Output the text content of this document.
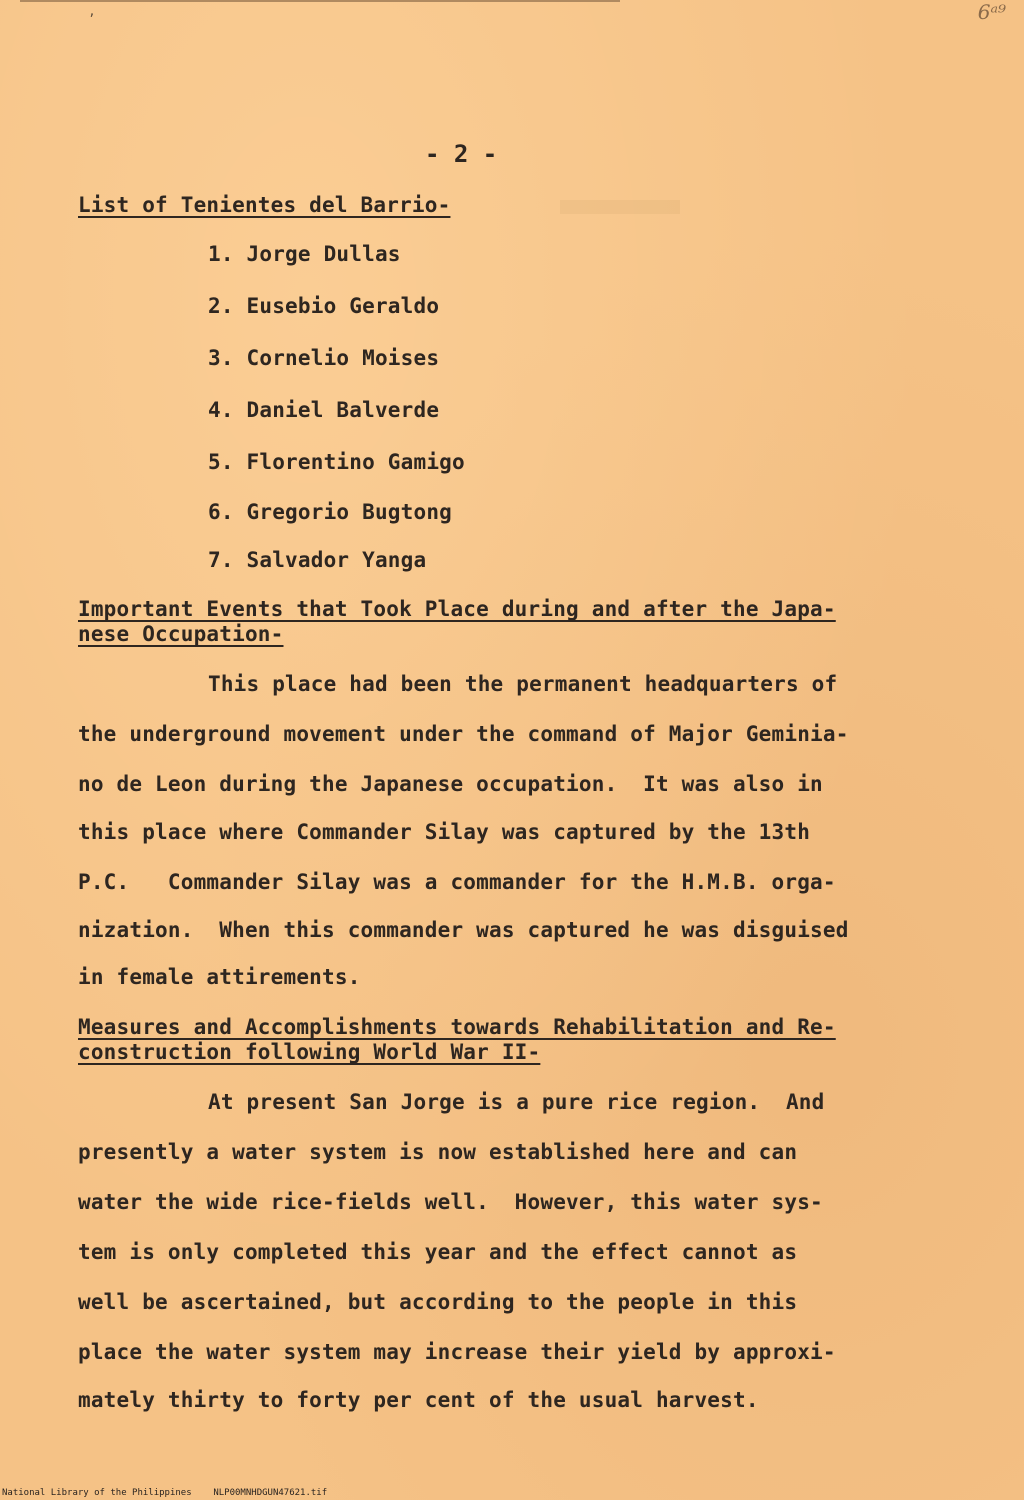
ʼ	6ᵃ⁹
- 2 -
List of Tenientes del Barrio-
1. Jorge Dullas
2. Eusebio Geraldo
3. Cornelio Moises
4. Daniel Balverde
5. Florentino Gamigo
6. Gregorio Bugtong
7. Salvador Yanga
Important Events that Took Place during and after the Japa-
nese Occupation-
This place had been the permanent headquarters of
the underground movement under the command of Major Geminia-
no de Leon during the Japanese occupation.  It was also in
this place where Commander Silay was captured by the 13th
P.C.   Commander Silay was a commander for the H.M.B. orga-
nization.  When this commander was captured he was disguised
in female attirements.
Measures and Accomplishments towards Rehabilitation and Re-
construction following World War II-
At present San Jorge is a pure rice region.  And
presently a water system is now established here and can
water the wide rice-fields well.  However, this water sys-
tem is only completed this year and the effect cannot as
well be ascertained, but according to the people in this
place the water system may increase their yield by approxi-
mately thirty to forty per cent of the usual harvest.
National Library of the Philippines NLP00MNHDGUN47621.tif
